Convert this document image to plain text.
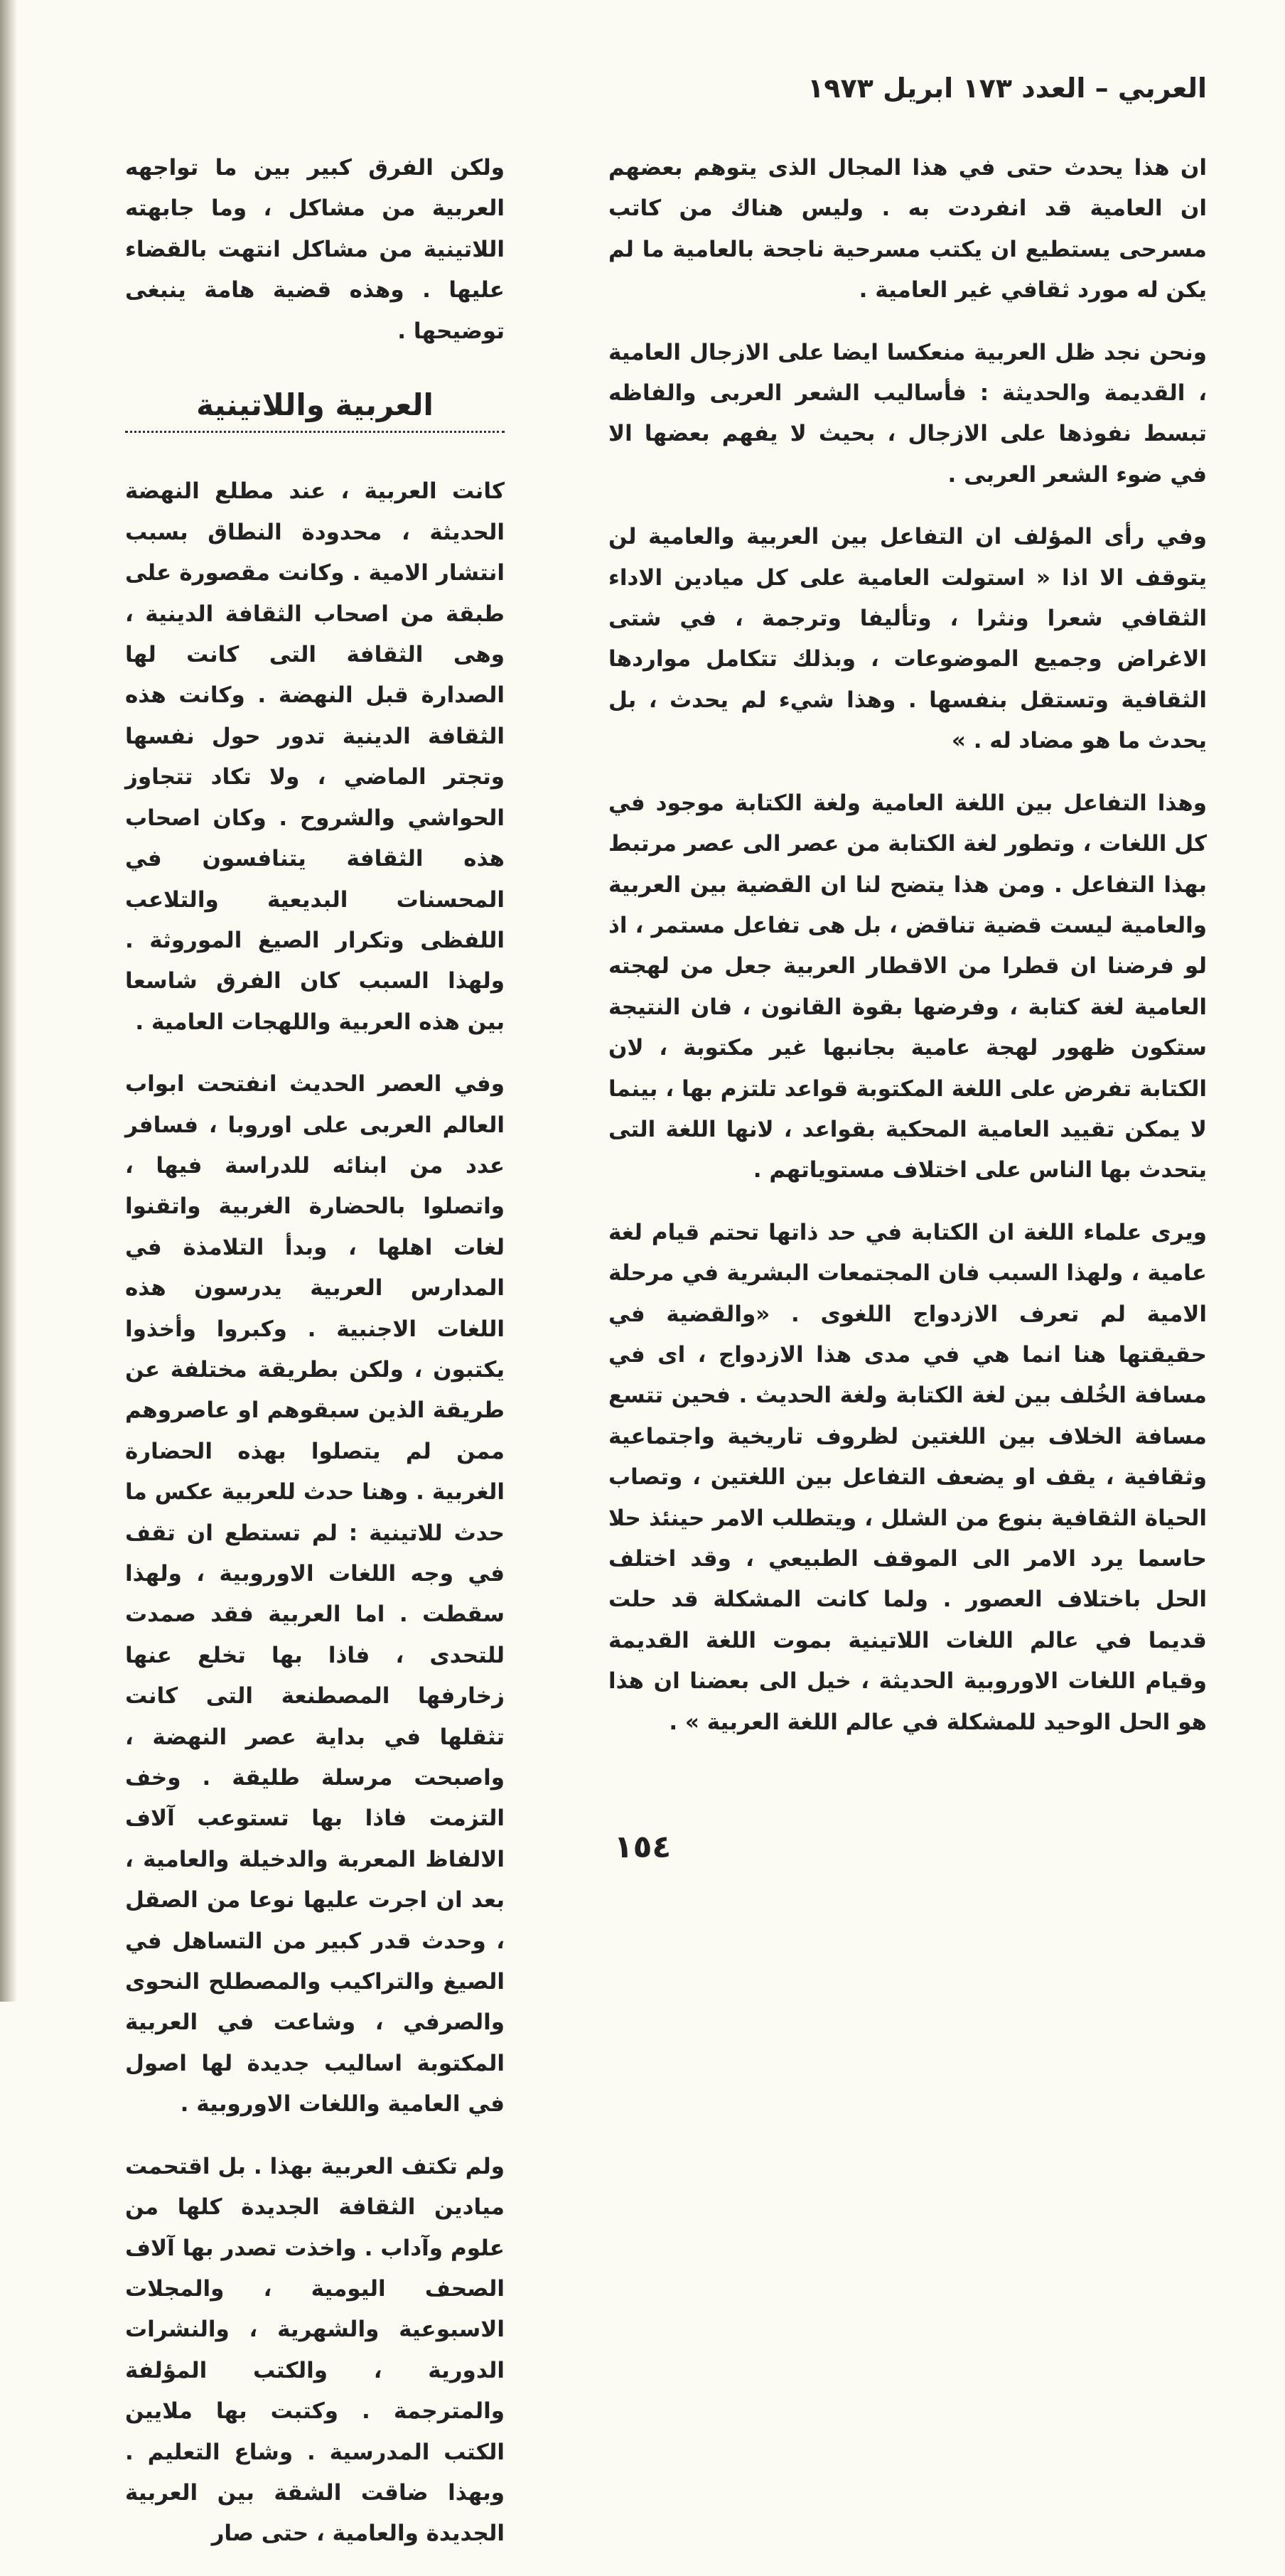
العربي – العدد ١٧٣ ابريل ١٩٧٣

ان هذا يحدث حتى في هذا المجال الذى يتوهم بعضهم ان العامية قد انفردت به . وليس هناك من كاتب مسرحى يستطيع ان يكتب مسرحية ناجحة بالعامية ما لم يكن له مورد ثقافي غير العامية .

ونحن نجد ظل العربية منعكسا ايضا على الازجال العامية ، القديمة والحديثة : فأساليب الشعر العربى والفاظه تبسط نفوذها على الازجال ، بحيث لا يفهم بعضها الا في ضوء الشعر العربى .

وفي رأى المؤلف ان التفاعل بين العربية والعامية لن يتوقف الا اذا « استولت العامية على كل ميادين الاداء الثقافي شعرا ونثرا ، وتأليفا وترجمة ، في شتى الاغراض وجميع الموضوعات ، وبذلك تتكامل مواردها الثقافية وتستقل بنفسها . وهذا شيء لم يحدث ، بل يحدث ما هو مضاد له . »

وهذا التفاعل بين اللغة العامية ولغة الكتابة موجود في كل اللغات ، وتطور لغة الكتابة من عصر الى عصر مرتبط بهذا التفاعل . ومن هذا يتضح لنا ان القضية بين العربية والعامية ليست قضية تناقض ، بل هى تفاعل مستمر ، اذ لو فرضنا ان قطرا من الاقطار العربية جعل من لهجته العامية لغة كتابة ، وفرضها بقوة القانون ، فان النتيجة ستكون ظهور لهجة عامية بجانبها غير مكتوبة ، لان الكتابة تفرض على اللغة المكتوبة قواعد تلتزم بها ، بينما لا يمكن تقييد العامية المحكية بقواعد ، لانها اللغة التى يتحدث بها الناس على اختلاف مستوياتهم .

ويرى علماء اللغة ان الكتابة في حد ذاتها تحتم قيام لغة عامية ، ولهذا السبب فان المجتمعات البشرية في مرحلة الامية لم تعرف الازدواج اللغوى . «والقضية في حقيقتها هنا انما هي في مدى هذا الازدواج ، اى في مسافة الخُلف بين لغة الكتابة ولغة الحديث . فحين تتسع مسافة الخلاف بين اللغتين لظروف تاريخية واجتماعية وثقافية ، يقف او يضعف التفاعل بين اللغتين ، وتصاب الحياة الثقافية بنوع من الشلل ، ويتطلب الامر حينئذ حلا حاسما يرد الامر الى الموقف الطبيعي ، وقد اختلف الحل باختلاف العصور . ولما كانت المشكلة قد حلت قديما في عالم اللغات اللاتينية بموت اللغة القديمة وقيام اللغات الاوروبية الحديثة ، خيل الى بعضنا ان هذا هو الحل الوحيد للمشكلة في عالم اللغة العربية » .

ولكن الفرق كبير بين ما تواجهه العربية من مشاكل ، وما جابهته اللاتينية من مشاكل انتهت بالقضاء عليها . وهذه قضية هامة ينبغى توضيحها .

العربية واللاتينية

كانت العربية ، عند مطلع النهضة الحديثة ، محدودة النطاق بسبب انتشار الامية . وكانت مقصورة على طبقة من اصحاب الثقافة الدينية ، وهى الثقافة التى كانت لها الصدارة قبل النهضة . وكانت هذه الثقافة الدينية تدور حول نفسها وتجتر الماضي ، ولا تكاد تتجاوز الحواشي والشروح . وكان اصحاب هذه الثقافة يتنافسون في المحسنات البديعية والتلاعب اللفظى وتكرار الصيغ الموروثة . ولهذا السبب كان الفرق شاسعا بين هذه العربية واللهجات العامية .

وفي العصر الحديث انفتحت ابواب العالم العربى على اوروبا ، فسافر عدد من ابنائه للدراسة فيها ، واتصلوا بالحضارة الغربية واتقنوا لغات اهلها ، وبدأ التلامذة في المدارس العربية يدرسون هذه اللغات الاجنبية . وكبروا وأخذوا يكتبون ، ولكن بطريقة مختلفة عن طريقة الذين سبقوهم او عاصروهم ممن لم يتصلوا بهذه الحضارة الغربية . وهنا حدث للعربية عكس ما حدث للاتينية : لم تستطع ان تقف في وجه اللغات الاوروبية ، ولهذا سقطت . اما العربية فقد صمدت للتحدى ، فاذا بها تخلع عنها زخارفها المصطنعة التى كانت تثقلها في بداية عصر النهضة ، واصبحت مرسلة طليقة . وخف التزمت فاذا بها تستوعب آلاف الالفاظ المعربة والدخيلة والعامية ، بعد ان اجرت عليها نوعا من الصقل ، وحدث قدر كبير من التساهل في الصيغ والتراكيب والمصطلح النحوى والصرفي ، وشاعت في العربية المكتوبة اساليب جديدة لها اصول في العامية واللغات الاوروبية .

ولم تكتف العربية بهذا . بل اقتحمت ميادين الثقافة الجديدة كلها من علوم وآداب . واخذت تصدر بها آلاف الصحف اليومية ، والمجلات الاسبوعية والشهرية ، والنشرات الدورية ، والكتب المؤلفة والمترجمة . وكتبت بها ملايين الكتب المدرسية . وشاع التعليم . وبهذا ضاقت الشقة بين العربية الجديدة والعامية ، حتى صار

١٥٤
